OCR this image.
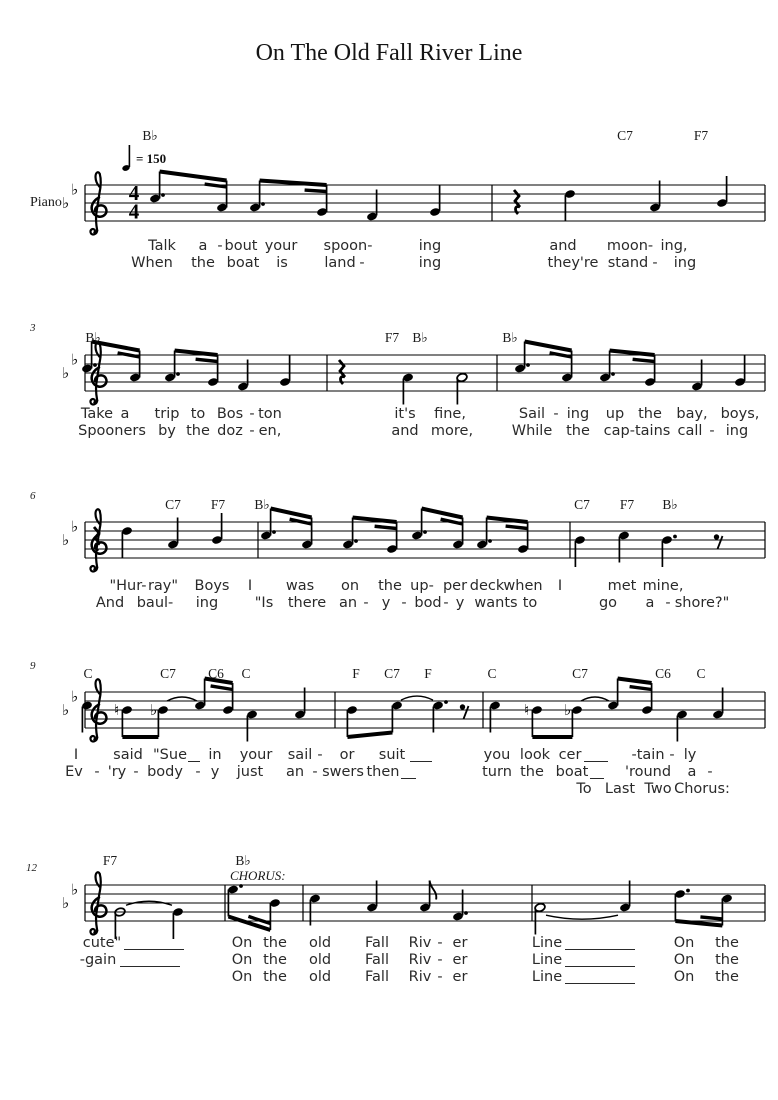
On The Old Fall River Line
♭
♭ 4
4
♭
♭
♭
♭
♭
♭
♮ ♭	♮ ♭
♭
♭
Piano
= 150
B♭	C7	F7
Talk a - bout your spoon-	ing	and moon- ing,
When the boat is	land -	ing	they're stand - ing
B♭	F7 B♭	B♭
3
Take a trip to Bos - ton	it's fine,	Sail - ing up the bay, boys,
Spooners by the doz - en,	and more,	While the cap-tains call - ing
C7 F7 B♭	C7 F7 B♭
6
"Hur- ray" Boys I was on the up- per deck when I	met mine,
And baul- ing	"Is there an - y - bod - y wants to	go a - shore?"
C	C7 C6 C	F C7 F	C	C7	C6 C
9
I said "Sue in your sail - or suit	you look cer	-tain - ly
Ev - 'ry - body - y just an - swers then	turn the boat	'round a -
To Last Two Chorus:
F7	B♭
12	CHORUS:
cute"	On the old Fall Riv - er	Line	On the
-gain	On the old Fall Riv - er	Line	On the
On the old Fall Riv - er	Line	On the
